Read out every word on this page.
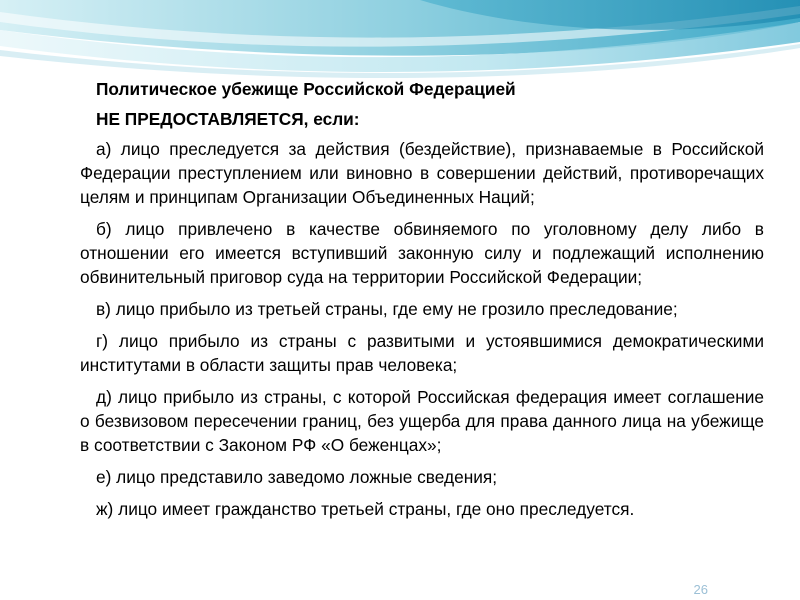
Политическое убежище Российской Федерацией

НЕ ПРЕДОСТАВЛЯЕТСЯ, если:

а) лицо преследуется за действия (бездействие), признаваемые в Российской Федерации преступлением или виновно в совершении действий, противоречащих целям и принципам Организации Объединенных Наций;

б) лицо привлечено в качестве обвиняемого по уголовному делу либо в отношении его имеется вступивший законную силу и подлежащий исполнению обвинительный приговор суда на территории Российской Федерации;

в) лицо прибыло из третьей страны, где ему не грозило преследование;

г) лицо прибыло из страны с развитыми и устоявшимися демократическими институтами в области защиты прав человека;

д) лицо прибыло из страны, с которой Российская федерация имеет соглашение о безвизовом пересечении границ, без ущерба для права данного лица на убежище в соответствии с Законом РФ «О беженцах»;

е) лицо представило заведомо ложные сведения;

ж) лицо имеет гражданство третьей страны, где оно преследуется.

26
